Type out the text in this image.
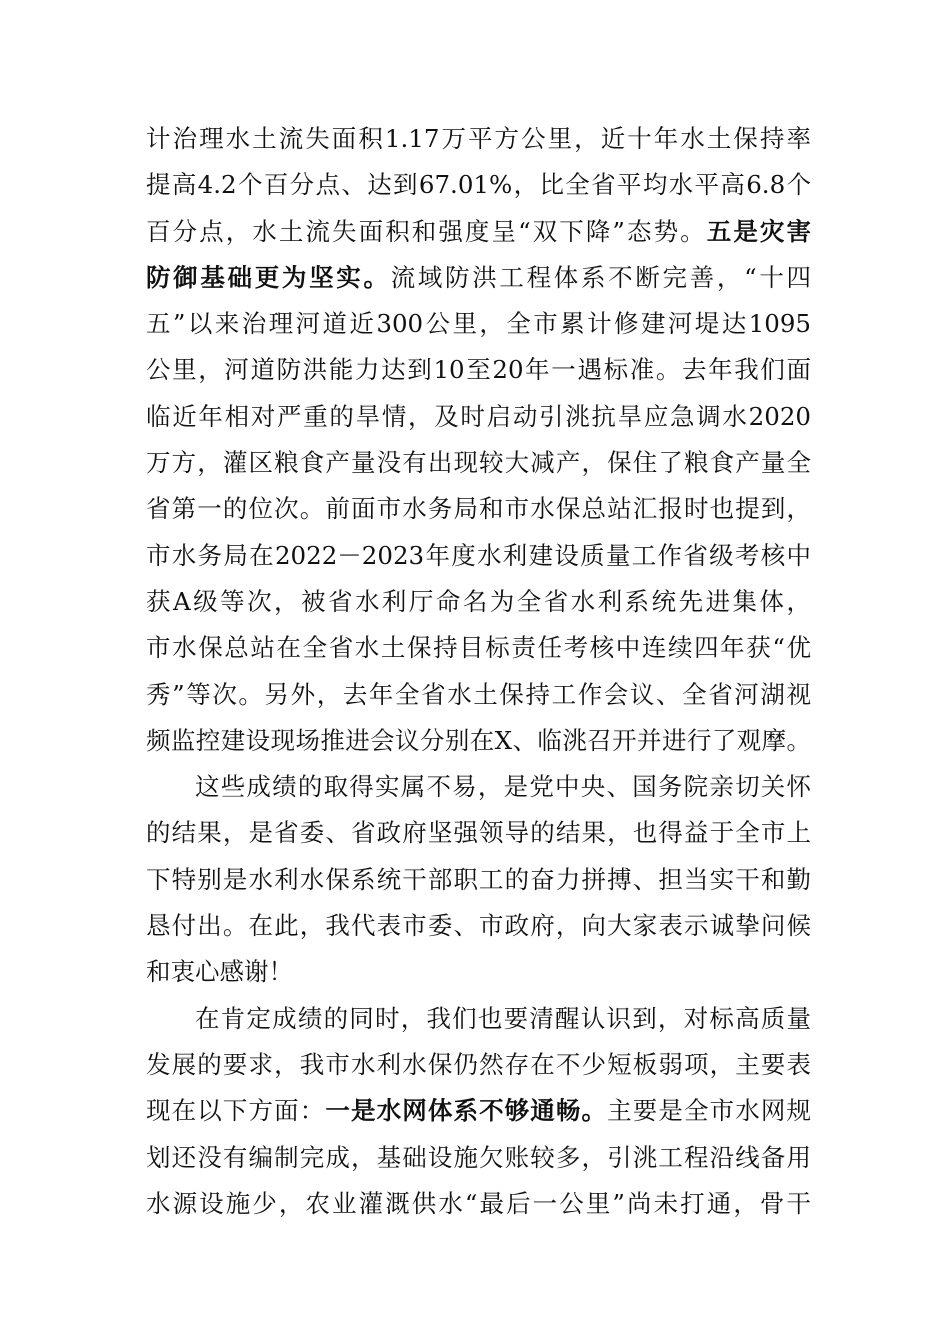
计治理水土流失面积1.17万平方公里，近十年水土保持率
提高4.2个百分点、达到67.01%，比全省平均水平高6.8个
百分点，水土流失面积和强度呈“双下降”态势。五是灾害
防御基础更为坚实。流域防洪工程体系不断完善，“十四
五”以来治理河道近300公里，全市累计修建河堤达1095
公里，河道防洪能力达到10至20年一遇标准。去年我们面
临近年相对严重的旱情，及时启动引洮抗旱应急调水2020
万方，灌区粮食产量没有出现较大减产，保住了粮食产量全
省第一的位次。前面市水务局和市水保总站汇报时也提到，
市水务局在2022－2023年度水利建设质量工作省级考核中
获A级等次，被省水利厅命名为全省水利系统先进集体，
市水保总站在全省水土保持目标责任考核中连续四年获“优
秀”等次。另外，去年全省水土保持工作会议、全省河湖视
频监控建设现场推进会议分别在X、临洮召开并进行了观摩。
这些成绩的取得实属不易，是党中央、国务院亲切关怀
的结果，是省委、省政府坚强领导的结果，也得益于全市上
下特别是水利水保系统干部职工的奋力拼搏、担当实干和勤
恳付出。在此，我代表市委、市政府，向大家表示诚挚问候
和衷心感谢！
在肯定成绩的同时，我们也要清醒认识到，对标高质量
发展的要求，我市水利水保仍然存在不少短板弱项，主要表
现在以下方面：一是水网体系不够通畅。主要是全市水网规
划还没有编制完成，基础设施欠账较多，引洮工程沿线备用
水源设施少，农业灌溉供水“最后一公里”尚未打通，骨干
